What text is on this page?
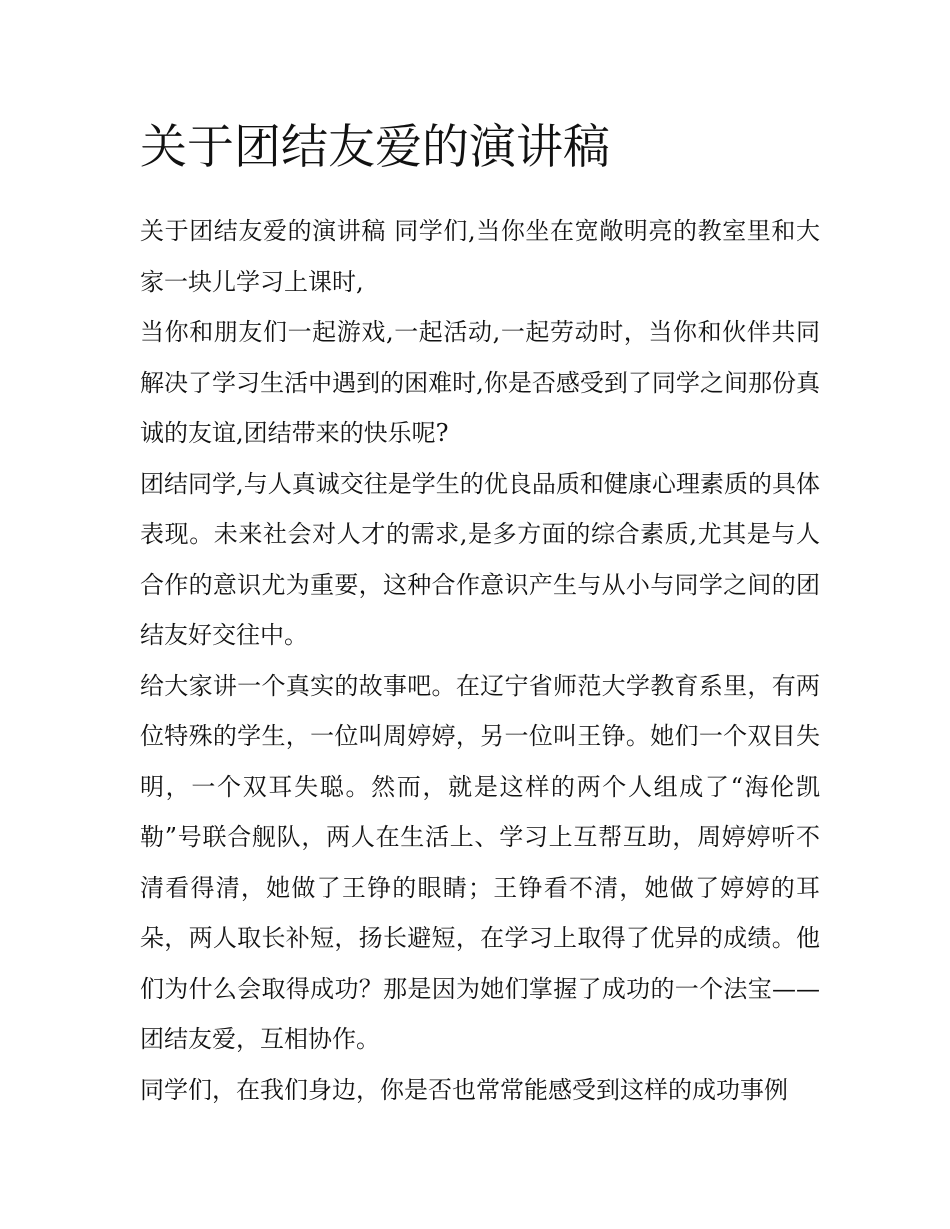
关于团结友爱的演讲稿

关于团结友爱的演讲稿 同学们,当你坐在宽敞明亮的教室里和大家一块儿学习上课时,

当你和朋友们一起游戏,一起活动,一起劳动时，当你和伙伴共同解决了学习生活中遇到的困难时,你是否感受到了同学之间那份真诚的友谊,团结带来的快乐呢?

团结同学,与人真诚交往是学生的优良品质和健康心理素质的具体表现。未来社会对人才的需求,是多方面的综合素质,尤其是与人合作的意识尤为重要，这种合作意识产生与从小与同学之间的团结友好交往中。

给大家讲一个真实的故事吧。在辽宁省师范大学教育系里，有两位特殊的学生，一位叫周婷婷，另一位叫王铮。她们一个双目失明，一个双耳失聪。然而，就是这样的两个人组成了“海伦凯勒”号联合舰队，两人在生活上、学习上互帮互助，周婷婷听不清看得清，她做了王铮的眼睛；王铮看不清，她做了婷婷的耳朵，两人取长补短，扬长避短，在学习上取得了优异的成绩。他们为什么会取得成功？那是因为她们掌握了成功的一个法宝——团结友爱，互相协作。

同学们，在我们身边，你是否也常常能感受到这样的成功事例
